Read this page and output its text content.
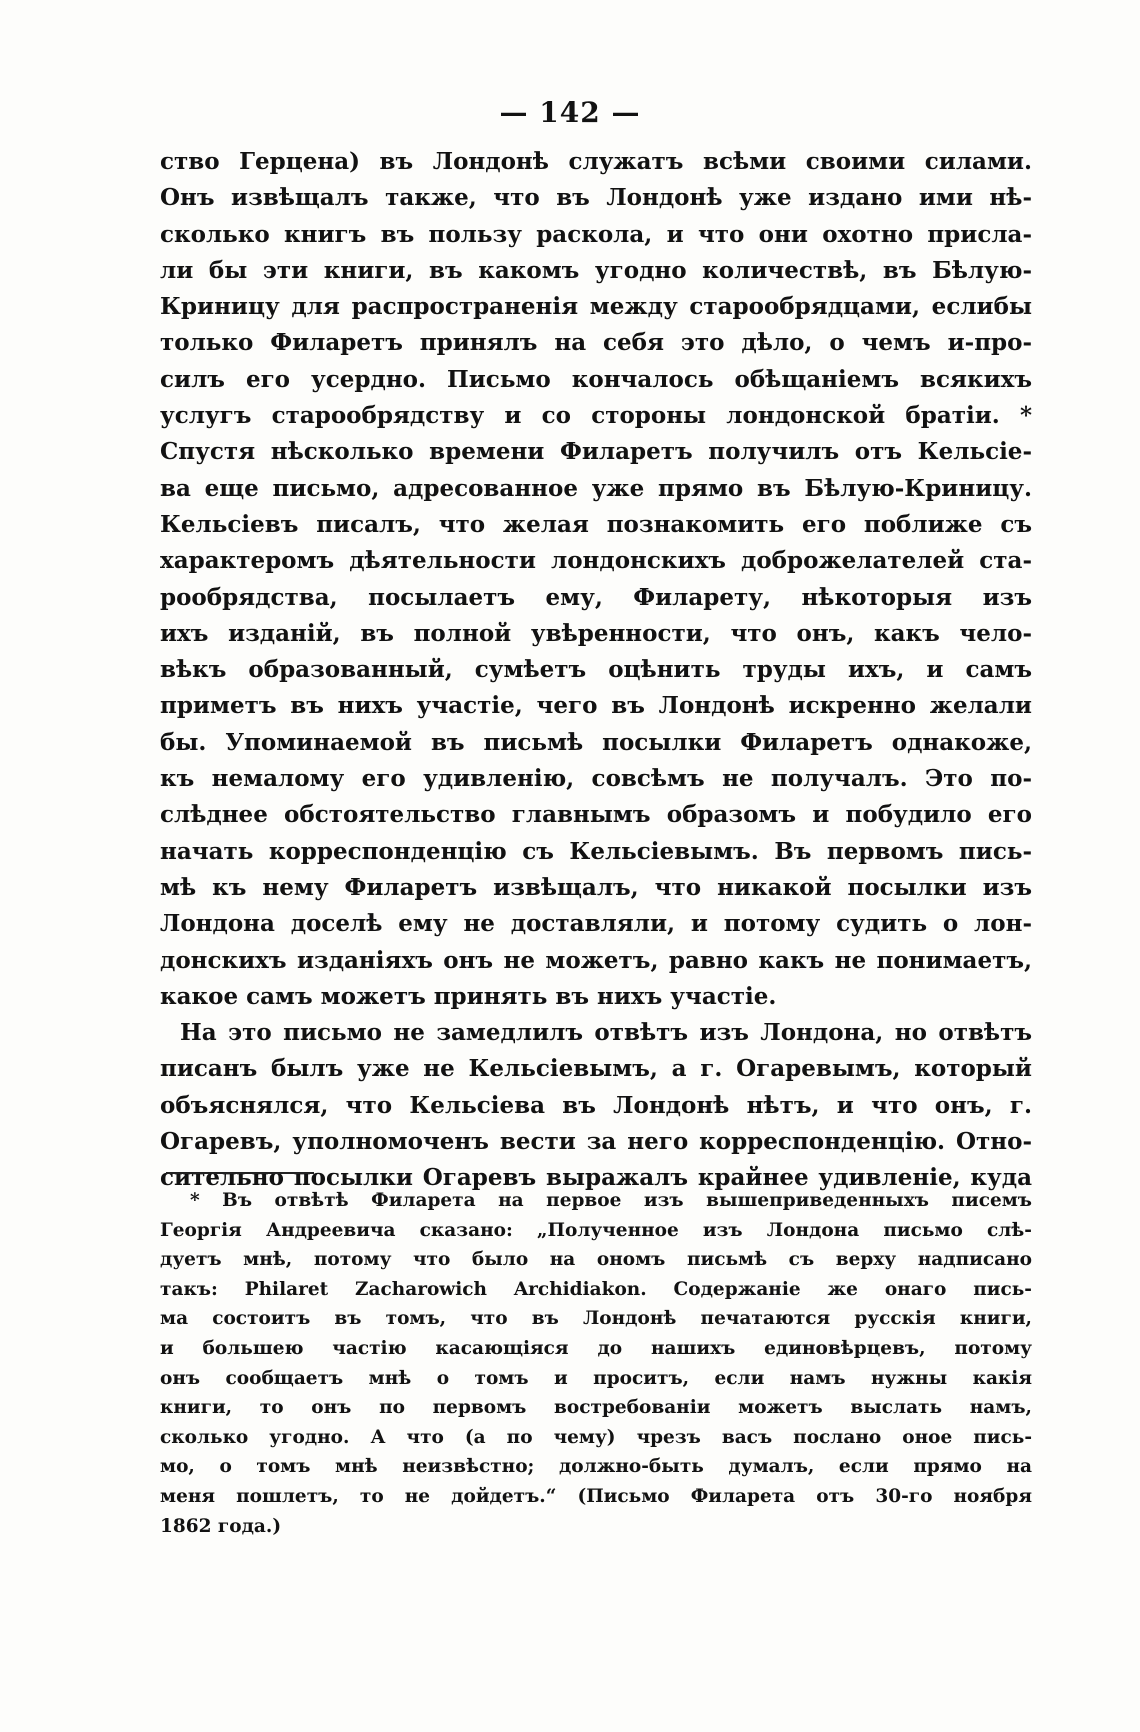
— 142 —
ство Герцена) въ Лондонѣ служатъ всѣми своими силами.
Онъ извѣщалъ также, что въ Лондонѣ уже издано ими нѣ-
сколько книгъ въ пользу раскола, и что они охотно присла-
ли бы эти книги, въ какомъ угодно количествѣ, въ Бѣлую-
Криницу для распространенія между старообрядцами, еслибы
только Филаретъ принялъ на себя это дѣло, о чемъ и-про-
силъ его усердно. Письмо кончалось обѣщаніемъ всякихъ
услугъ старообрядству и со стороны лондонской братіи. *
Спустя нѣсколько времени Филаретъ получилъ отъ Кельсіе-
ва еще письмо, адресованное уже прямо въ Бѣлую-Криницу.
Кельсіевъ писалъ, что желая познакомить его поближе съ
характеромъ дѣятельности лондонскихъ доброжелателей ста-
рообрядства, посылаетъ ему, Филарету, нѣкоторыя изъ
ихъ изданій, въ полной увѣренности, что онъ, какъ чело-
вѣкъ образованный, сумѣетъ оцѣнить труды ихъ, и самъ
приметъ въ нихъ участіе, чего въ Лондонѣ искренно желали
бы. Упоминаемой въ письмѣ посылки Филаретъ однакоже,
къ немалому его удивленію, совсѣмъ не получалъ. Это по-
слѣднее обстоятельство главнымъ образомъ и побудило его
начать корреспонденцію съ Кельсіевымъ. Въ первомъ пись-
мѣ къ нему Филаретъ извѣщалъ, что никакой посылки изъ
Лондона доселѣ ему не доставляли, и потому судить о лон-
донскихъ изданіяхъ онъ не можетъ, равно какъ не понимаетъ,
какое самъ можетъ принять въ нихъ участіе.
На это письмо не замедлилъ отвѣтъ изъ Лондона, но отвѣтъ
писанъ былъ уже не Кельсіевымъ, а г. Огаревымъ, который
объяснялся, что Кельсіева въ Лондонѣ нѣтъ, и что онъ, г.
Огаревъ, уполномоченъ вести за него корреспонденцію. Отно-
сительно посылки Огаревъ выражалъ крайнее удивленіе, куда
* Въ отвѣтѣ Филарета на первое изъ вышеприведенныхъ писемъ
Георгія Андреевича сказано: „Полученное изъ Лондона письмо слѣ-
дуетъ мнѣ, потому что было на ономъ письмѣ съ верху надписано
такъ: Philaret Zacharowich Archidiakon. Содержаніе же онаго пись-
ма состоитъ въ томъ, что въ Лондонѣ печатаются русскія книги,
и большею частію касающіяся до нашихъ единовѣрцевъ, потому
онъ сообщаетъ мнѣ о томъ и проситъ, если намъ нужны какія
книги, то онъ по первомъ востребованіи можетъ выслать намъ,
сколько угодно. А что (а по чему) чрезъ васъ послано оное пись-
мо, о томъ мнѣ неизвѣстно; должно-быть думалъ, если прямо на
меня пошлетъ, то не дойдетъ.“ (Письмо Филарета отъ 30-го ноября
1862 года.)
